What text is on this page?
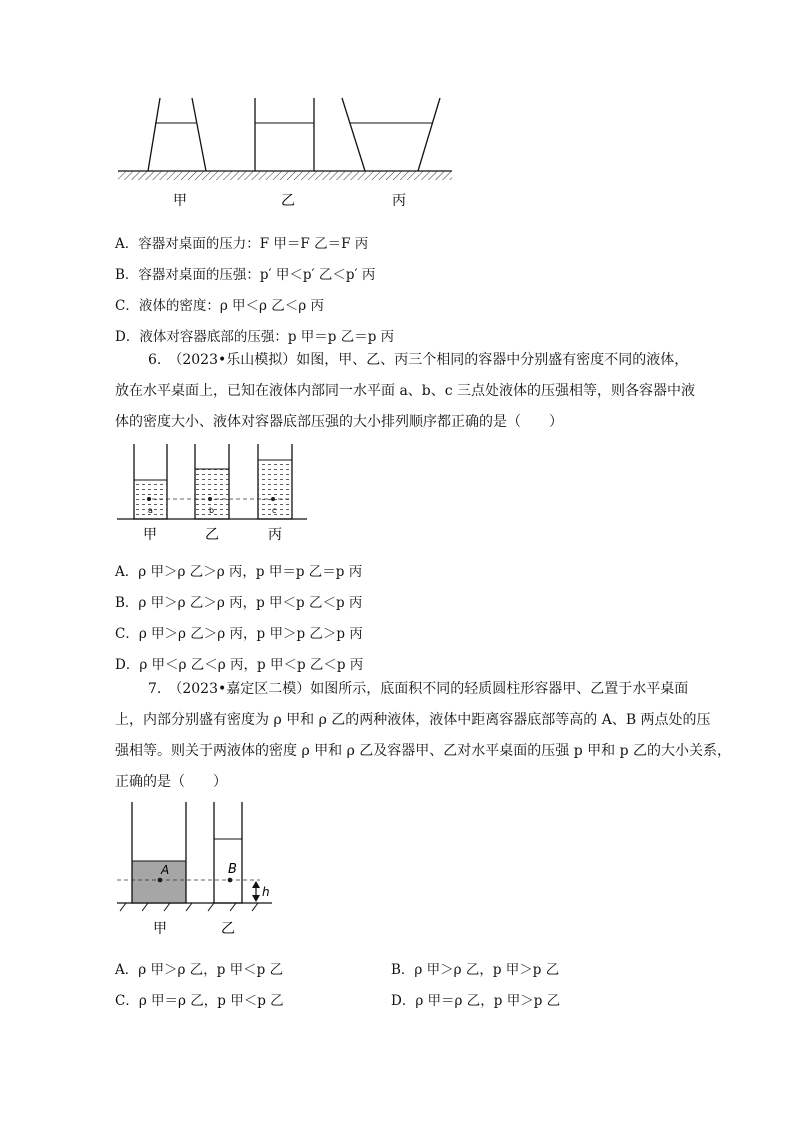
甲	乙	丙
A．容器对桌面的压力：F 甲＝F 乙＝F 丙
B．容器对桌面的压强：p′ 甲＜p′ 乙＜p′ 丙
C．液体的密度：ρ 甲＜ρ 乙＜ρ 丙
D．液体对容器底部的压强：p 甲＝p 乙＝p 丙
6.　（2023•乐山模拟）如图，甲、乙、丙三个相同的容器中分别盛有密度不同的液体，
放在水平桌面上，已知在液体内部同一水平面 a、b、c 三点处液体的压强相等，则各容器中液
体的密度大小、液体对容器底部压强的大小排列顺序都正确的是（　　）
a	b	c
甲	乙	丙
A．ρ 甲＞ρ 乙＞ρ 丙，p 甲＝p 乙＝p 丙
B．ρ 甲＞ρ 乙＞ρ 丙，p 甲＜p 乙＜p 丙
C．ρ 甲＞ρ 乙＞ρ 丙，p 甲＞p 乙＞p 丙
D．ρ 甲＜ρ 乙＜ρ 丙，p 甲＜p 乙＜p 丙
7.　（2023•嘉定区二模）如图所示，底面积不同的轻质圆柱形容器甲、乙置于水平桌面
上，内部分别盛有密度为 ρ 甲和 ρ 乙的两种液体，液体中距离容器底部等高的 A、B 两点处的压
强相等。则关于两液体的密度 ρ 甲和 ρ 乙及容器甲、乙对水平桌面的压强 p 甲和 p 乙的大小关系，
正确的是（　　）
A	B
h
甲	乙
A．ρ 甲＞ρ 乙，p 甲＜p 乙	B．ρ 甲＞ρ 乙，p 甲＞p 乙
C．ρ 甲＝ρ 乙，p 甲＜p 乙	D．ρ 甲＝ρ 乙，p 甲＞p 乙
